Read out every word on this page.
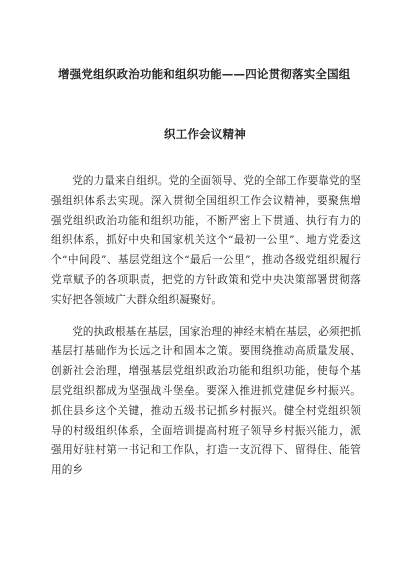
增强党组织政治功能和组织功能——四论贯彻落实全国组
织工作会议精神

党的力量来自组织。党的全面领导、党的全部工作要靠党的坚强组织体系去实现。深入贯彻全国组织工作会议精神，要聚焦增强党组织政治功能和组织功能，不断严密上下贯通、执行有力的组织体系，抓好中央和国家机关这个“最初一公里”、地方党委这个“中间段”、基层党组这个“最后一公里”，推动各级党组织履行党章赋予的各项职责，把党的方针政策和党中央决策部署贯彻落实好把各领域广大群众组织凝聚好。

党的执政根基在基层，国家治理的神经末梢在基层，必须把抓基层打基础作为长远之计和固本之策。要围绕推动高质量发展、创新社会治理，增强基层党组织政治功能和组织功能，使每个基层党组织都成为坚强战斗堡垒。要深入推进抓党建促乡村振兴。抓住县乡这个关键，推动五级书记抓乡村振兴。健全村党组织领导的村级组织体系，全面培训提高村班子领导乡村振兴能力，派强用好驻村第一书记和工作队，打造一支沉得下、留得住、能管用的乡
